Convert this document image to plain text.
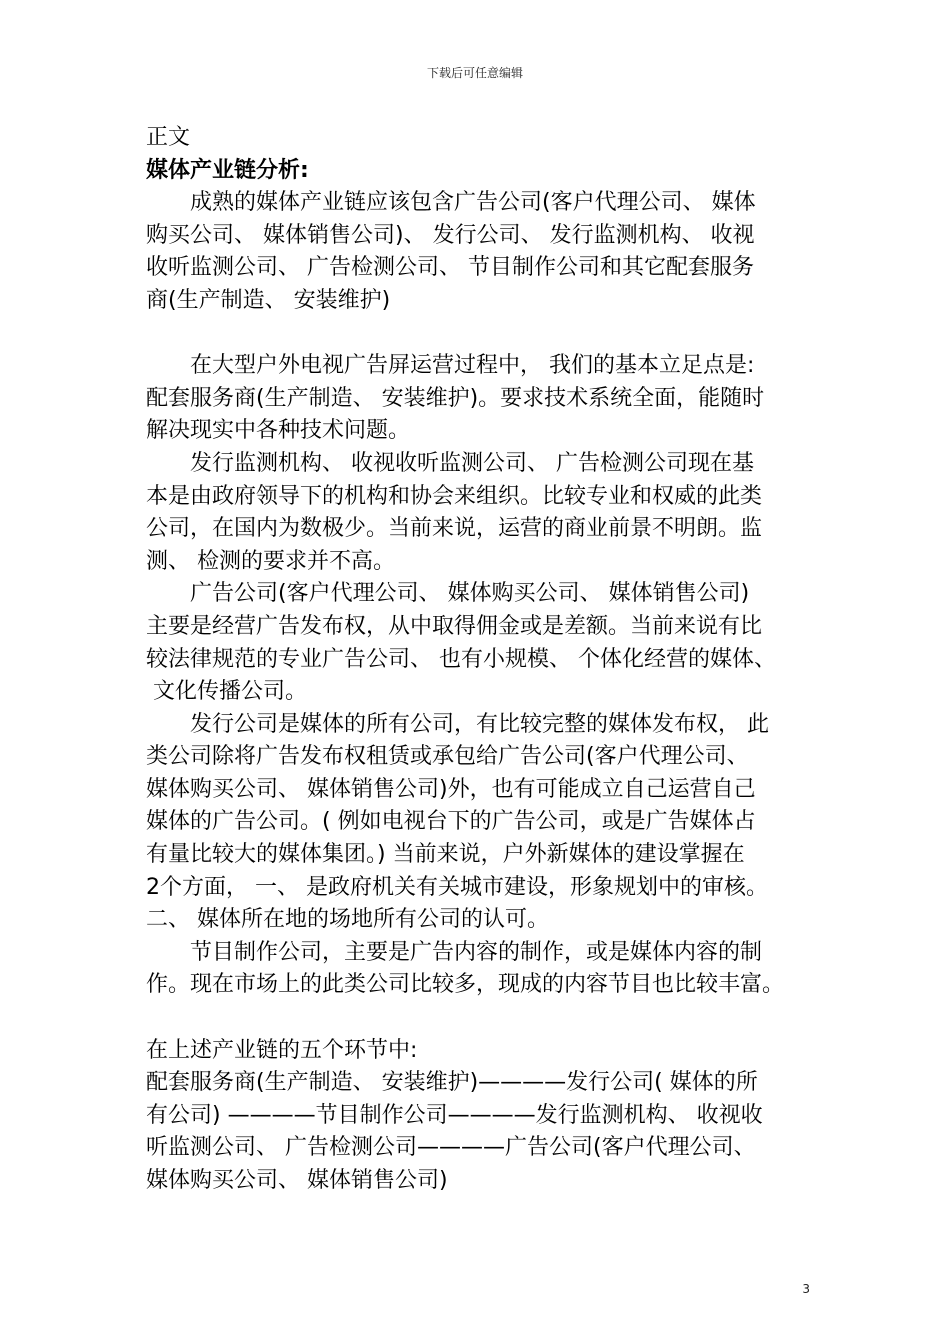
下载后可任意编辑
正文
媒体产业链分析:
　　成熟的媒体产业链应该包含广告公司(客户代理公司、 媒体
购买公司、 媒体销售公司)、 发行公司、 发行监测机构、 收视
收听监测公司、 广告检测公司、 节目制作公司和其它配套服务
商(生产制造、 安装维护)
　　在大型户外电视广告屏运营过程中， 我们的基本立足点是:
配套服务商(生产制造、 安装维护)。要求技术系统全面，能随时
解决现实中各种技术问题。
　　发行监测机构、 收视收听监测公司、 广告检测公司现在基
本是由政府领导下的机构和协会来组织。比较专业和权威的此类
公司，在国内为数极少。当前来说，运营的商业前景不明朗。监
测、 检测的要求并不高。
　　广告公司(客户代理公司、 媒体购买公司、 媒体销售公司)
主要是经营广告发布权，从中取得佣金或是差额。当前来说有比
较法律规范的专业广告公司、 也有小规模、 个体化经营的媒体、
文化传播公司。
　　发行公司是媒体的所有公司，有比较完整的媒体发布权， 此
类公司除将广告发布权租赁或承包给广告公司(客户代理公司、
媒体购买公司、 媒体销售公司)外，也有可能成立自己运营自己
媒体的广告公司。( 例如电视台下的广告公司，或是广告媒体占
有量比较大的媒体集团。) 当前来说，户外新媒体的建设掌握在
2个方面， 一、 是政府机关有关城市建设，形象规划中的审核。
二、 媒体所在地的场地所有公司的认可。
　　节目制作公司，主要是广告内容的制作，或是媒体内容的制
作。现在市场上的此类公司比较多，现成的内容节目也比较丰富。
在上述产业链的五个环节中:
配套服务商(生产制造、 安装维护)————发行公司( 媒体的所
有公司) ————节目制作公司————发行监测机构、 收视收
听监测公司、 广告检测公司————广告公司(客户代理公司、
媒体购买公司、 媒体销售公司)
3
